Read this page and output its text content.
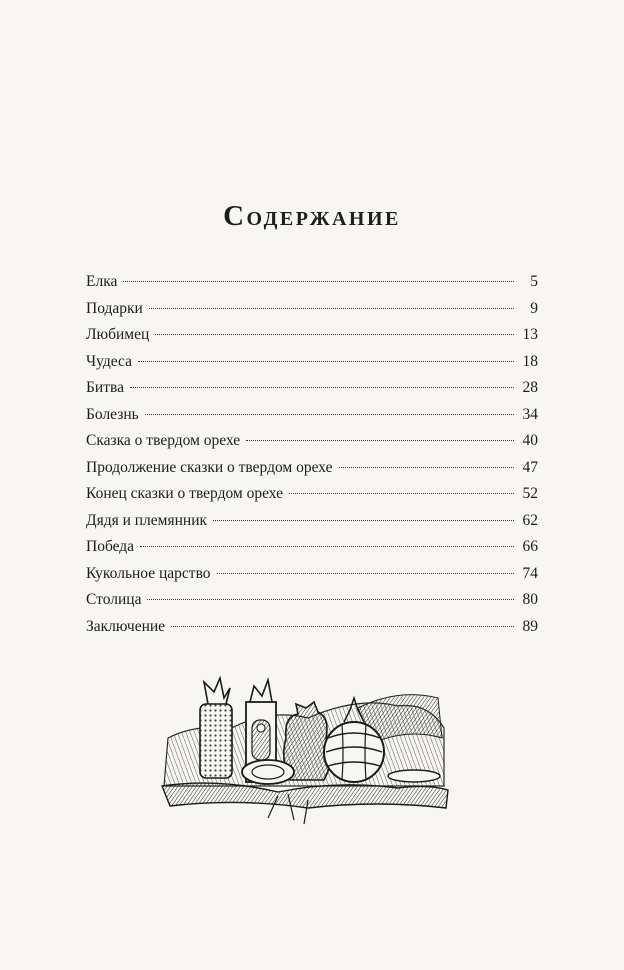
Содержание
Елка	5
Подарки	9
Любимец	13
Чудеса	18
Битва	28
Болезнь	34
Сказка о твердом орехе	40
Продолжение сказки о твердом орехе	47
Конец сказки о твердом орехе	52
Дядя и племянник	62
Победа	66
Кукольное царство	74
Столица	80
Заключение	89
